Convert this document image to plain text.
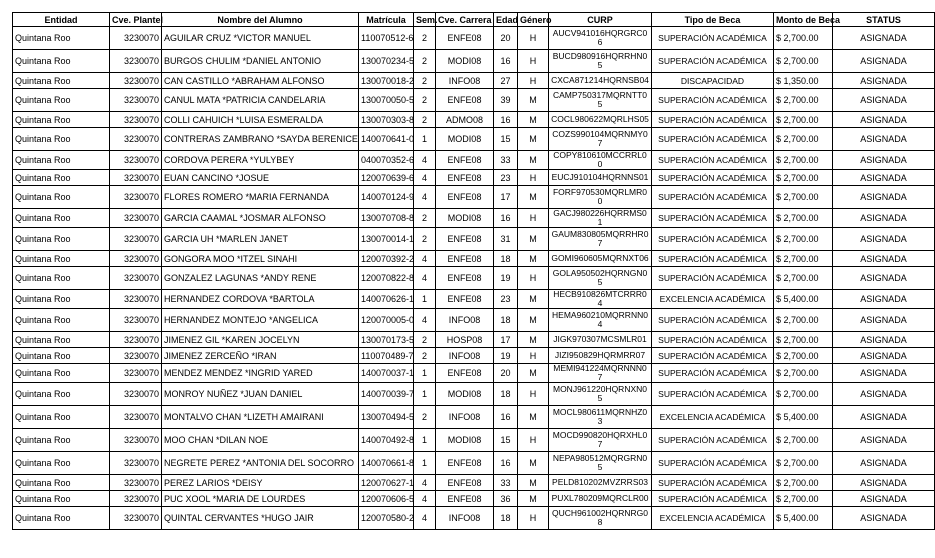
Entidad	Cve. Plantel	Nombre del Alumno	Matrícula	Sem.	Cve. Carrera	Edad	Género	CURP	Tipo de Beca	Monto de Beca	STATUS
Quintana Roo	3230070	AGUILAR CRUZ *VICTOR MANUEL	110070512-6	2	ENFE08	20	H	AUCV941016HQRGRC06	SUPERACIÓN ACADÉMICA	$ 2,700.00	ASIGNADA
Quintana Roo	3230070	BURGOS CHULIM *DANIEL ANTONIO	130070234-5	2	MODI08	16	H	BUCD980916HQRRHN05	SUPERACIÓN ACADÉMICA	$ 2,700.00	ASIGNADA
Quintana Roo	3230070	CAN CASTILLO *ABRAHAM ALFONSO	130070018-2	2	INFO08	27	H	CXCA871214HQRNSB04	DISCAPACIDAD	$ 1,350.00	ASIGNADA
Quintana Roo	3230070	CANUL MATA *PATRICIA CANDELARIA	130070050-5	2	ENFE08	39	M	CAMP750317MQRNTT05	SUPERACIÓN ACADÉMICA	$ 2,700.00	ASIGNADA
Quintana Roo	3230070	COLLI CAHUICH *LUISA ESMERALDA	130070303-8	2	ADMO08	16	M	COCL980622MQRLHS05	SUPERACIÓN ACADÉMICA	$ 2,700.00	ASIGNADA
Quintana Roo	3230070	CONTRERAS ZAMBRANO *SAYDA BERENICE	140070641-0	1	MODI08	15	M	COZS990104MQRNMY07	SUPERACIÓN ACADÉMICA	$ 2,700.00	ASIGNADA
Quintana Roo	3230070	CORDOVA PERERA *YULYBEY	040070352-6	4	ENFE08	33	M	COPY810610MCCRRL00	SUPERACIÓN ACADÉMICA	$ 2,700.00	ASIGNADA
Quintana Roo	3230070	EUAN CANCINO *JOSUE	120070639-6	4	ENFE08	23	H	EUCJ910104HQRNNS01	SUPERACIÓN ACADÉMICA	$ 2,700.00	ASIGNADA
Quintana Roo	3230070	FLORES ROMERO *MARIA FERNANDA	140070124-9	4	ENFE08	17	M	FORF970530MQRLMR00	SUPERACIÓN ACADÉMICA	$ 2,700.00	ASIGNADA
Quintana Roo	3230070	GARCIA CAAMAL *JOSMAR ALFONSO	130070708-8	2	MODI08	16	H	GACJ980226HQRRMS01	SUPERACIÓN ACADÉMICA	$ 2,700.00	ASIGNADA
Quintana Roo	3230070	GARCIA UH *MARLEN JANET	130070014-1	2	ENFE08	31	M	GAUM830805MQRRHR07	SUPERACIÓN ACADÉMICA	$ 2,700.00	ASIGNADA
Quintana Roo	3230070	GONGORA MOO *ITZEL SINAHI	120070392-2	4	ENFE08	18	M	GOMI960605MQRNXT06	SUPERACIÓN ACADÉMICA	$ 2,700.00	ASIGNADA
Quintana Roo	3230070	GONZALEZ LAGUNAS *ANDY RENE	120070822-8	4	ENFE08	19	H	GOLA950502HQRNGN05	SUPERACIÓN ACADÉMICA	$ 2,700.00	ASIGNADA
Quintana Roo	3230070	HERNANDEZ CORDOVA *BARTOLA	140070626-1	1	ENFE08	23	M	HECB910826MTCRRR04	EXCELENCIA ACADÉMICA	$ 5,400.00	ASIGNADA
Quintana Roo	3230070	HERNANDEZ MONTEJO *ANGELICA	120070005-0	4	INFO08	18	M	HEMA960210MQRRNN04	SUPERACIÓN ACADÉMICA	$ 2,700.00	ASIGNADA
Quintana Roo	3230070	JIMENEZ GIL *KAREN JOCELYN	130070173-5	2	HOSP08	17	M	JIGK970307MCSMLR01	SUPERACIÓN ACADÉMICA	$ 2,700.00	ASIGNADA
Quintana Roo	3230070	JIMENEZ ZERCEÑO *IRAN	110070489-7	2	INFO08	19	H	JIZI950829HQRMRR07	SUPERACIÓN ACADÉMICA	$ 2,700.00	ASIGNADA
Quintana Roo	3230070	MENDEZ MENDEZ *INGRID YARED	140070037-1	1	ENFE08	20	M	MEMI941224MQRNNN07	SUPERACIÓN ACADÉMICA	$ 2,700.00	ASIGNADA
Quintana Roo	3230070	MONROY NUÑEZ *JUAN DANIEL	140070039-7	1	MODI08	18	H	MONJ961220HQRNXN05	SUPERACIÓN ACADÉMICA	$ 2,700.00	ASIGNADA
Quintana Roo	3230070	MONTALVO CHAN *LIZETH AMAIRANI	130070494-5	2	INFO08	16	M	MOCL980611MQRNHZ03	EXCELENCIA ACADÉMICA	$ 5,400.00	ASIGNADA
Quintana Roo	3230070	MOO CHAN *DILAN NOE	140070492-8	1	MODI08	15	H	MOCD990820HQRXHL07	SUPERACIÓN ACADÉMICA	$ 2,700.00	ASIGNADA
Quintana Roo	3230070	NEGRETE PEREZ *ANTONIA DEL SOCORRO	140070661-8	1	ENFE08	16	M	NEPA980512MQRGRN05	SUPERACIÓN ACADÉMICA	$ 2,700.00	ASIGNADA
Quintana Roo	3230070	PEREZ LARIOS *DEISY	120070627-1	4	ENFE08	33	M	PELD810202MVZRRS03	SUPERACIÓN ACADÉMICA	$ 2,700.00	ASIGNADA
Quintana Roo	3230070	PUC XOOL *MARIA DE LOURDES	120070606-5	4	ENFE08	36	M	PUXL780209MQRCLR00	SUPERACIÓN ACADÉMICA	$ 2,700.00	ASIGNADA
Quintana Roo	3230070	QUINTAL CERVANTES *HUGO JAIR	120070580-2	4	INFO08	18	H	QUCH961002HQRNRG08	EXCELENCIA ACADÉMICA	$ 5,400.00	ASIGNADA
